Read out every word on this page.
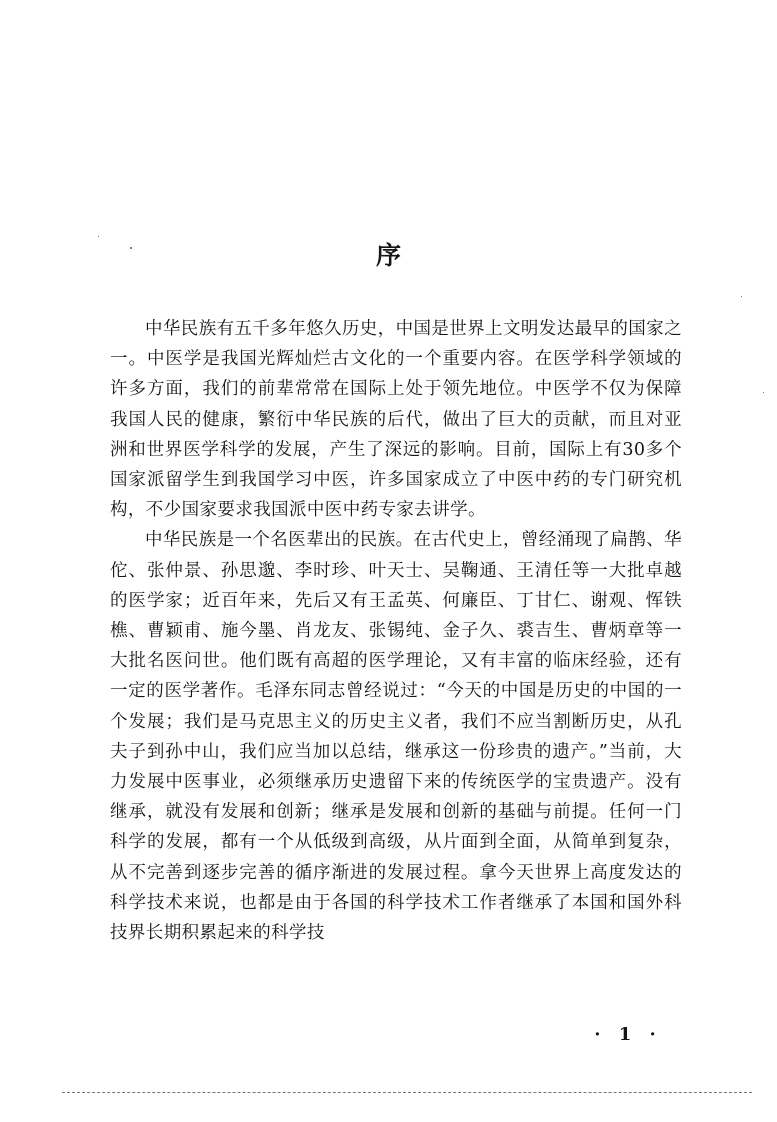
序

中华民族有五千多年悠久历史，中国是世界上文明发达最早的国家之一。中医学是我国光辉灿烂古文化的一个重要内容。在医学科学领域的许多方面，我们的前辈常常在国际上处于领先地位。中医学不仅为保障我国人民的健康，繁衍中华民族的后代，做出了巨大的贡献，而且对亚洲和世界医学科学的发展，产生了深远的影响。目前，国际上有30多个国家派留学生到我国学习中医，许多国家成立了中医中药的专门研究机构，不少国家要求我国派中医中药专家去讲学。

中华民族是一个名医辈出的民族。在古代史上，曾经涌现了扁鹊、华佗、张仲景、孙思邈、李时珍、叶天士、吴鞠通、王清任等一大批卓越的医学家；近百年来，先后又有王孟英、何廉臣、丁甘仁、谢观、恽铁樵、曹颖甫、施今墨、肖龙友、张锡纯、金子久、裘吉生、曹炳章等一大批名医问世。他们既有高超的医学理论，又有丰富的临床经验，还有一定的医学著作。毛泽东同志曾经说过：“今天的中国是历史的中国的一个发展；我们是马克思主义的历史主义者，我们不应当割断历史，从孔夫子到孙中山，我们应当加以总结，继承这一份珍贵的遗产。”当前，大力发展中医事业，必须继承历史遗留下来的传统医学的宝贵遗产。没有继承，就没有发展和创新；继承是发展和创新的基础与前提。任何一门科学的发展，都有一个从低级到高级，从片面到全面，从简单到复杂，从不完善到逐步完善的循序渐进的发展过程。拿今天世界上高度发达的科学技术来说，也都是由于各国的科学技术工作者继承了本国和国外科技界长期积累起来的科学技

· 1 ·
